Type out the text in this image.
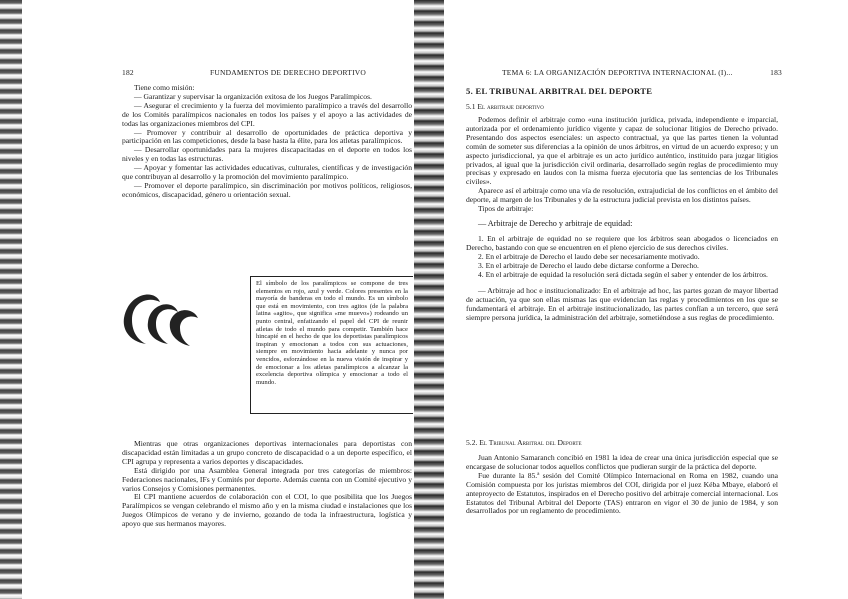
182	FUNDAMENTOS DE DERECHO DEPORTIVO

Tiene como misión:

— Garantizar y supervisar la organización exitosa de los Juegos Paralímpicos.

— Asegurar el crecimiento y la fuerza del movimiento paralímpico a través del desarrollo de los Comités paralímpicos nacionales en todos los países y el apoyo a las actividades de todas las organizaciones miembros del CPI.

— Promover y contribuir al desarrollo de oportunidades de práctica deportiva y participación en las competiciones, desde la base hasta la élite, para los atletas paralímpicos.

— Desarrollar oportunidades para la mujeres discapacitadas en el deporte en todos los niveles y en todas las estructuras.

— Apoyar y fomentar las actividades educativas, culturales, científicas y de investigación que contribuyan al desarrollo y la promoción del movimiento paralímpico.

— Promover el deporte paralímpico, sin discriminación por motivos políticos, religiosos, económicos, discapacidad, género u orientación sexual.

El símbolo de los paralímpicos se compone de tres elementos en rojo, azul y verde. Colores presentes en la mayoría de banderas en todo el mundo. Es un símbolo que está en movimiento, con tres agitos (de la palabra latina «agito», que significa «me muevo») rodeando un punto central, enfatizando el papel del CPI de reunir atletas de todo el mundo para competir. También hace hincapié en el hecho de que los deportistas paralímpicos inspiran y emocionan a todos con sus actuaciones, siempre en movimiento hacia adelante y nunca por vencidos, esforzándose en la nueva visión de inspirar y de emocionar a los atletas paralímpicos a alcanzar la excelencia deportiva olímpica y emocionar a todo el mundo.

Mientras que otras organizaciones deportivas internacionales para deportistas con discapacidad están limitadas a un grupo concreto de discapacidad o a un deporte específico, el CPI agrupa y representa a varios deportes y discapacidades.

Está dirigido por una Asamblea General integrada por tres categorías de miembros: Federaciones nacionales, IFs y Comités por deporte. Además cuenta con un Comité ejecutivo y varios Consejos y Comisiones permanentes.

El CPI mantiene acuerdos de colaboración con el COI, lo que posibilita que los Juegos Paralímpicos se vengan celebrando el mismo año y en la misma ciudad e instalaciones que los Juegos Olímpicos de verano y de invierno, gozando de toda la infraestructura, logística y apoyo que sus hermanos mayores.

TEMA 6: LA ORGANIZACIÓN DEPORTIVA INTERNACIONAL (I)...	183
5. EL TRIBUNAL ARBITRAL DEL DEPORTE
5.1 El arbitraje deportivo

Podemos definir el arbitraje como «una institución jurídica, privada, independiente e imparcial, autorizada por el ordenamiento jurídico vigente y capaz de solucionar litigios de Derecho privado. Presentando dos aspectos esenciales: un aspecto contractual, ya que las partes tienen la voluntad común de someter sus diferencias a la opinión de unos árbitros, en virtud de un acuerdo expreso; y un aspecto jurisdiccional, ya que el arbitraje es un acto jurídico auténtico, instituido para juzgar litigios privados, al igual que la jurisdicción civil ordinaria, desarrollado según reglas de procedimiento muy precisas y expresado en laudos con la misma fuerza ejecutoria que las sentencias de los Tribunales civiles».

Aparece así el arbitraje como una vía de resolución, extrajudicial de los conflictos en el ámbito del deporte, al margen de los Tribunales y de la estructura judicial prevista en los distintos países.

Tipos de arbitraje:

— Arbitraje de Derecho y arbitraje de equidad:

1. En el arbitraje de equidad no se requiere que los árbitros sean abogados o licenciados en Derecho, bastando con que se encuentren en el pleno ejercicio de sus derechos civiles.

2. En el arbitraje de Derecho el laudo debe ser necesariamente motivado.

3. En el arbitraje de Derecho el laudo debe dictarse conforme a Derecho.

4. En el arbitraje de equidad la resolución será dictada según el saber y entender de los árbitros.

— Arbitraje ad hoc e institucionalizado: En el arbitraje ad hoc, las partes gozan de mayor libertad de actuación, ya que son ellas mismas las que evidencian las reglas y procedimientos en los que se fundamentará el arbitraje. En el arbitraje institucionalizado, las partes confían a un tercero, que será siempre persona jurídica, la administración del arbitraje, sometiéndose a sus reglas de procedimiento.

5.2. El Tribunal Arbitral del Deporte

Juan Antonio Samaranch concibió en 1981 la idea de crear una única jurisdicción especial que se encargase de solucionar todos aquellos conflictos que pudieran surgir de la práctica del deporte.

Fue durante la 85.ª sesión del Comité Olímpico Internacional en Roma en 1982, cuando una Comisión compuesta por los juristas miembros del COI, dirigida por el juez Kéba Mbaye, elaboró el anteproyecto de Estatutos, inspirados en el Derecho positivo del arbitraje comercial internacional. Los Estatutos del Tribunal Arbitral del Deporte (TAS) entraron en vigor el 30 de junio de 1984, y son desarrollados por un reglamento de procedimiento.
